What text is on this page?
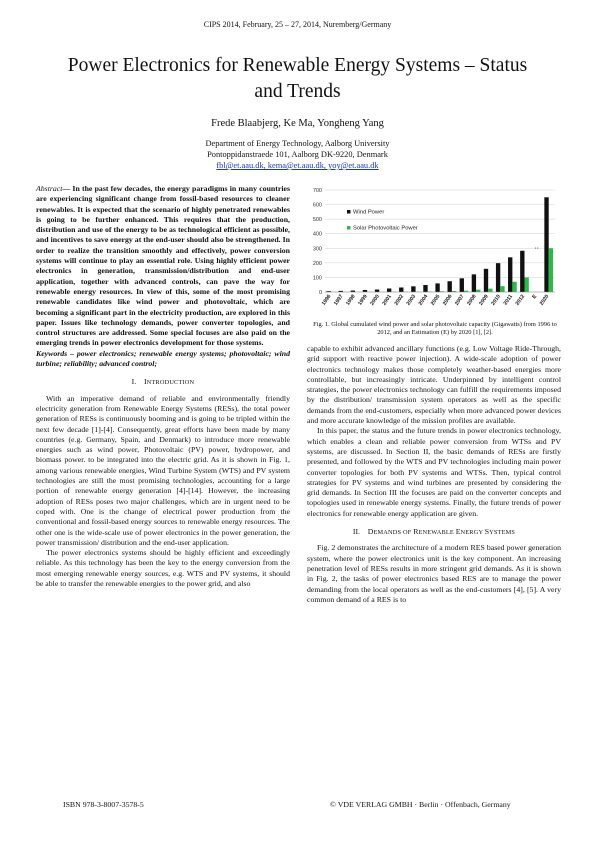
CIPS 2014, February, 25 – 27, 2014, Nuremberg/Germany
Power Electronics for Renewable Energy Systems – Status
and Trends
Frede Blaabjerg, Ke Ma, Yongheng Yang
Department of Energy Technology, Aalborg University
Pontoppidanstraede 101, Aalborg DK-9220, Denmark
fbl@et.aau.dk, kema@et.aau.dk, yoy@et.aau.dk

Abstract— In the past few decades, the energy paradigms in many countries are experiencing significant change from fossil-based resources to cleaner renewables. It is expected that the scenario of highly penetrated renewables is going to be further enhanced. This requires that the production, distribution and use of the energy to be as technological efficient as possible, and incentives to save energy at the end-user should also be strengthened. In order to realize the transition smoothly and effectively, power conversion systems will continue to play an essential role. Using highly efficient power electronics in generation, transmission/distribution and end-user application, together with advanced controls, can pave the way for renewable energy resources. In view of this, some of the most promising renewable candidates like wind power and photovoltaic, which are becoming a significant part in the electricity production, are explored in this paper. Issues like technology demands, power converter topologies, and control structures are addressed. Some special focuses are also paid on the emerging trends in power electronics development for those systems.

Keywords – power electronics; renewable energy systems; photovoltaic; wind turbine; reliability; advanced control;

I. INTRODUCTION

With an imperative demand of reliable and environmentally friendly electricity generation from Renewable Energy Systems (RESs), the total power generation of RESs is continuously booming and is going to be tripled within the next few decade [1]-[4]. Consequently, great efforts have been made by many countries (e.g. Germany, Spain, and Denmark) to introduce more renewable energies such as wind power, Photovoltaic (PV) power, hydropower, and biomass power. to be integrated into the electric grid. As it is shown in Fig. 1, among various renewable energies, Wind Turbine System (WTS) and PV system technologies are still the most promising technologies, accounting for a large portion of renewable energy generation [4]-[14]. However, the increasing adoption of RESs poses two major challenges, which are in urgent need to be coped with. One is the change of electrical power production from the conventional and fossil-based energy sources to renewable energy resources. The other one is the wide-scale use of power electronics in the power generation, the power transmission/ distribution and the end-user application.

The power electronics systems should be highly efficient and exceedingly reliable. As this technology has been the key to the energy conversion from the most emerging renewable energy sources, e.g. WTS and PV systems, it should be able to transfer the renewable energies to the power grid, and also

0
100
200
300
400
500
600
700
1996 1997 1998 1999 2000 2001 2002 2003 2004 2005 2006 2007 2008 2009 2010 2011 2012 E 2020
..
Wind Power
Solar Photovoltaic Power
Fig. 1. Global cumulated wind power and solar photovoltaic capacity (Gigawatts) from 1996 to 2012, and an Estimation (E) by 2020 [1], [2].

capable to exhibit advanced ancillary functions (e.g. Low Voltage Ride-Through, grid support with reactive power injection). A wide-scale adoption of power electronics technology makes those completely weather-based energies more controllable, but increasingly intricate. Underpinned by intelligent control strategies, the power electronics technology can fulfill the requirements imposed by the distribution/ transmission system operators as well as the specific demands from the end-customers, especially when more advanced power devices and more accurate knowledge of the mission profiles are available.

In this paper, the status and the future trends in power electronics technology, which enables a clean and reliable power conversion from WTSs and PV systems, are discussed. In Section II, the basic demands of RESs are firstly presented, and followed by the WTS and PV technologies including main power converter topologies for both PV systems and WTSs. Then, typical control strategies for PV systems and wind turbines are presented by considering the grid demands. In Section III the focuses are paid on the converter concepts and topologies used in renewable energy systems. Finally, the future trends of power electronics for renewable energy application are given.

II. DEMANDS OF RENEWABLE ENERGY SYSTEMS

Fig. 2 demonstrates the architecture of a modern RES based power generation system, where the power electronics unit is the key component. An increasing penetration level of RESs results in more stringent grid demands. As it is shown in Fig. 2, the tasks of power electronics based RES are to manage the power demanding from the local operators as well as the end-customers [4], [5]. A very common demand of a RES is to

ISBN 978-3-8007-3578-5	© VDE VERLAG GMBH · Berlin · Offenbach, Germany
